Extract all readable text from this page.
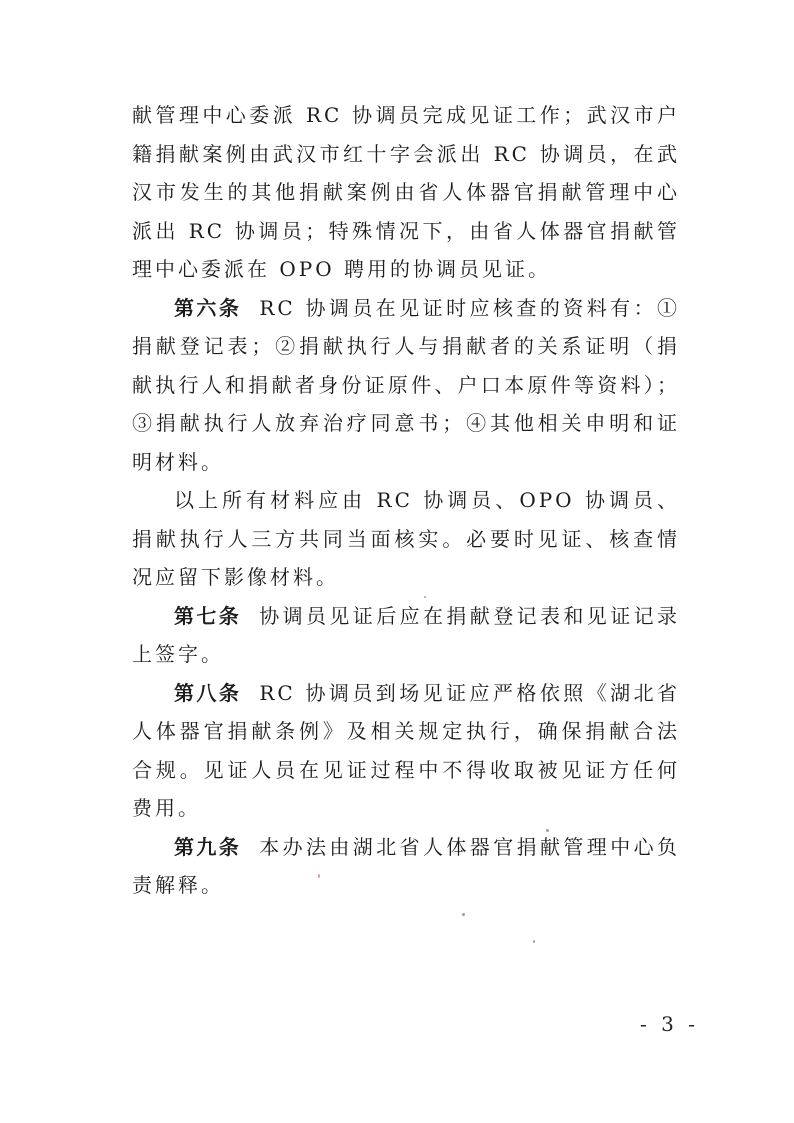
献管理中心委派 RC 协调员完成见证工作；武汉市户籍捐献案例由武汉市红十字会派出 RC 协调员，在武汉市发生的其他捐献案例由省人体器官捐献管理中心派出 RC 协调员；特殊情况下，由省人体器官捐献管理中心委派在 OPO 聘用的协调员见证。

第六条 RC 协调员在见证时应核查的资料有：①捐献登记表；②捐献执行人与捐献者的关系证明（捐献执行人和捐献者身份证原件、户口本原件等资料）；③捐献执行人放弃治疗同意书；④其他相关申明和证明材料。

以上所有材料应由 RC 协调员、OPO 协调员、捐献执行人三方共同当面核实。必要时见证、核查情况应留下影像材料。

第七条 协调员见证后应在捐献登记表和见证记录上签字。

第八条 RC 协调员到场见证应严格依照《湖北省人体器官捐献条例》及相关规定执行，确保捐献合法合规。见证人员在见证过程中不得收取被见证方任何费用。

第九条 本办法由湖北省人体器官捐献管理中心负责解释。

- 3 -
